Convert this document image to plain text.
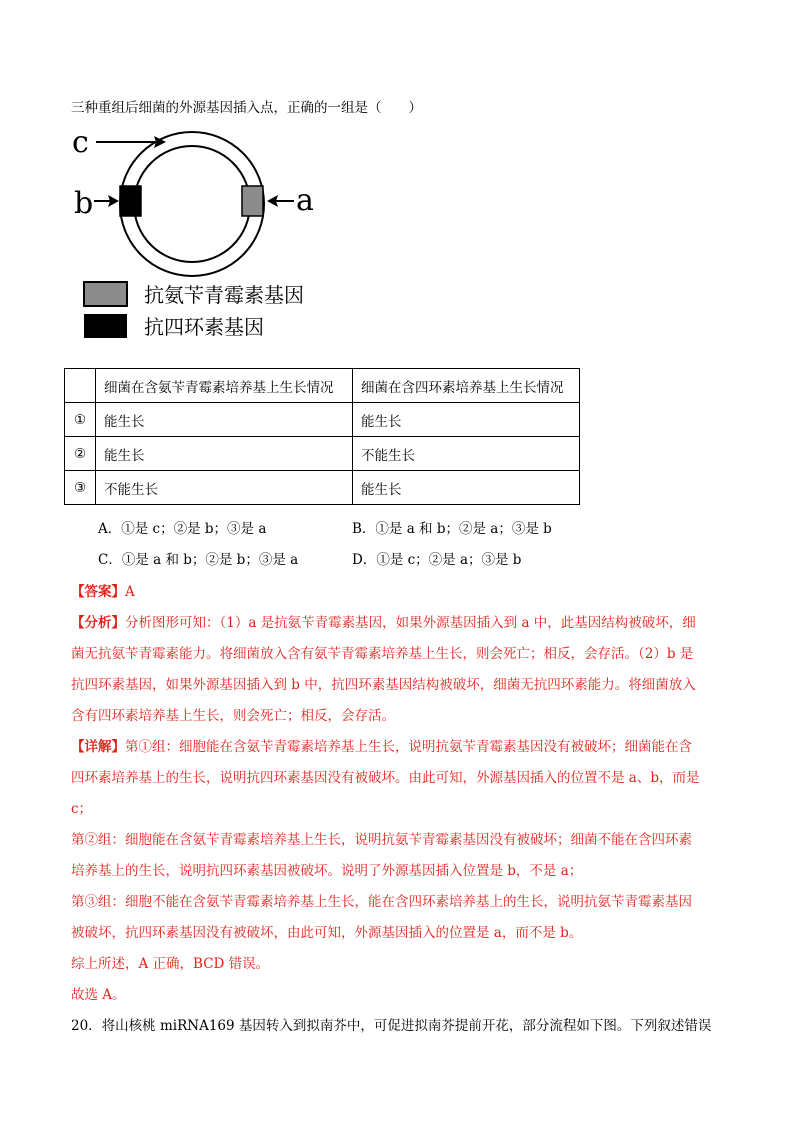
三种重组后细菌的外源基因插入点，正确的一组是（　　）
c
b	a
抗氨苄青霉素基因
抗四环素基因
	细菌在含氨苄青霉素培养基上生长情况	细菌在含四环素培养基上生长情况
①	能生长	能生长
②	能生长	不能生长
③	不能生长	能生长
A．①是 c；②是 b；③是 a	B．①是 a 和 b；②是 a；③是 b
C．①是 a 和 b；②是 b；③是 a	D．①是 c；②是 a；③是 b
【答案】A
【分析】分析图形可知：（1）a 是抗氨苄青霉素基因，如果外源基因插入到 a 中，此基因结构被破坏，细
菌无抗氨苄青霉素能力。将细菌放入含有氨苄青霉素培养基上生长，则会死亡；相反，会存活。（2）b 是
抗四环素基因，如果外源基因插入到 b 中，抗四环素基因结构被破坏，细菌无抗四环素能力。将细菌放入
含有四环素培养基上生长，则会死亡；相反，会存活。
【详解】第①组：细胞能在含氨苄青霉素培养基上生长，说明抗氨苄青霉素基因没有被破坏；细菌能在含
四环素培养基上的生长，说明抗四环素基因没有被破坏。由此可知，外源基因插入的位置不是 a、b，而是
c；
第②组：细胞能在含氨苄青霉素培养基上生长，说明抗氨苄青霉素基因没有被破坏；细菌不能在含四环素
培养基上的生长，说明抗四环素基因被破坏。说明了外源基因插入位置是 b，不是 a；
第③组：细胞不能在含氨苄青霉素培养基上生长，能在含四环素培养基上的生长，说明抗氨苄青霉素基因
被破坏，抗四环素基因没有被破坏，由此可知，外源基因插入的位置是 a，而不是 b。
综上所述，A 正确，BCD 错误。
故选 A。
20．将山核桃 miRNA169 基因转入到拟南芥中，可促进拟南芥提前开花，部分流程如下图。下列叙述错误
